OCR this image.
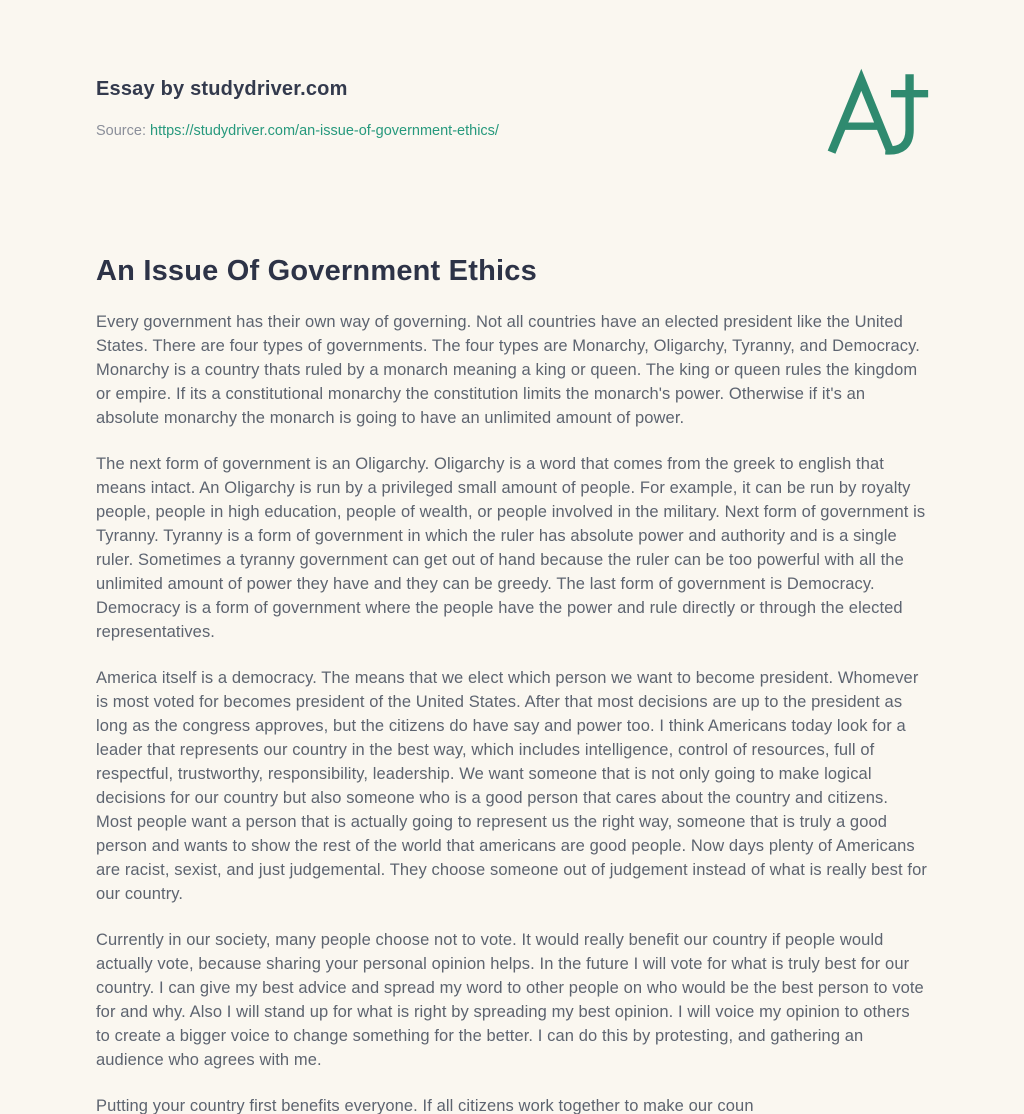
Essay by studydriver.com
Source: https://studydriver.com/an-issue-of-government-ethics/
An Issue Of Government Ethics

Every government has their own way of governing. Not all countries have an elected president like the United States. There are four types of governments. The four types are Monarchy, Oligarchy, Tyranny, and Democracy. Monarchy is a country thats ruled by a monarch meaning a king or queen. The king or queen rules the kingdom or empire. If its a constitutional monarchy the constitution limits the monarch's power. Otherwise if it's an absolute monarchy the monarch is going to have an unlimited amount of power.

The next form of government is an Oligarchy. Oligarchy is a word that comes from the greek to english that means intact. An Oligarchy is run by a privileged small amount of people. For example, it can be run by royalty people, people in high education, people of wealth, or people involved in the military. Next form of government is Tyranny. Tyranny is a form of government in which the ruler has absolute power and authority and is a single ruler. Sometimes a tyranny government can get out of hand because the ruler can be too powerful with all the unlimited amount of power they have and they can be greedy. The last form of government is Democracy. Democracy is a form of government where the people have the power and rule directly or through the elected representatives.

America itself is a democracy. The means that we elect which person we want to become president. Whomever is most voted for becomes president of the United States. After that most decisions are up to the president as long as the congress approves, but the citizens do have say and power too. I think Americans today look for a leader that represents our country in the best way, which includes intelligence, control of resources, full of respectful, trustworthy, responsibility, leadership. We want someone that is not only going to make logical decisions for our country but also someone who is a good person that cares about the country and citizens. Most people want a person that is actually going to represent us the right way, someone that is truly a good person and wants to show the rest of the world that americans are good people. Now days plenty of Americans are racist, sexist, and just judgemental. They choose someone out of judgement instead of what is really best for our country.

Currently in our society, many people choose not to vote. It would really benefit our country if people would actually vote, because sharing your personal opinion helps. In the future I will vote for what is truly best for our country. I can give my best advice and spread my word to other people on who would be the best person to vote for and why. Also I will stand up for what is right by spreading my best opinion. I will voice my opinion to others to create a bigger voice to change something for the better. I can do this by protesting, and gathering an audience who agrees with me.

Putting your country first benefits everyone. If all citizens work together to make our coun
